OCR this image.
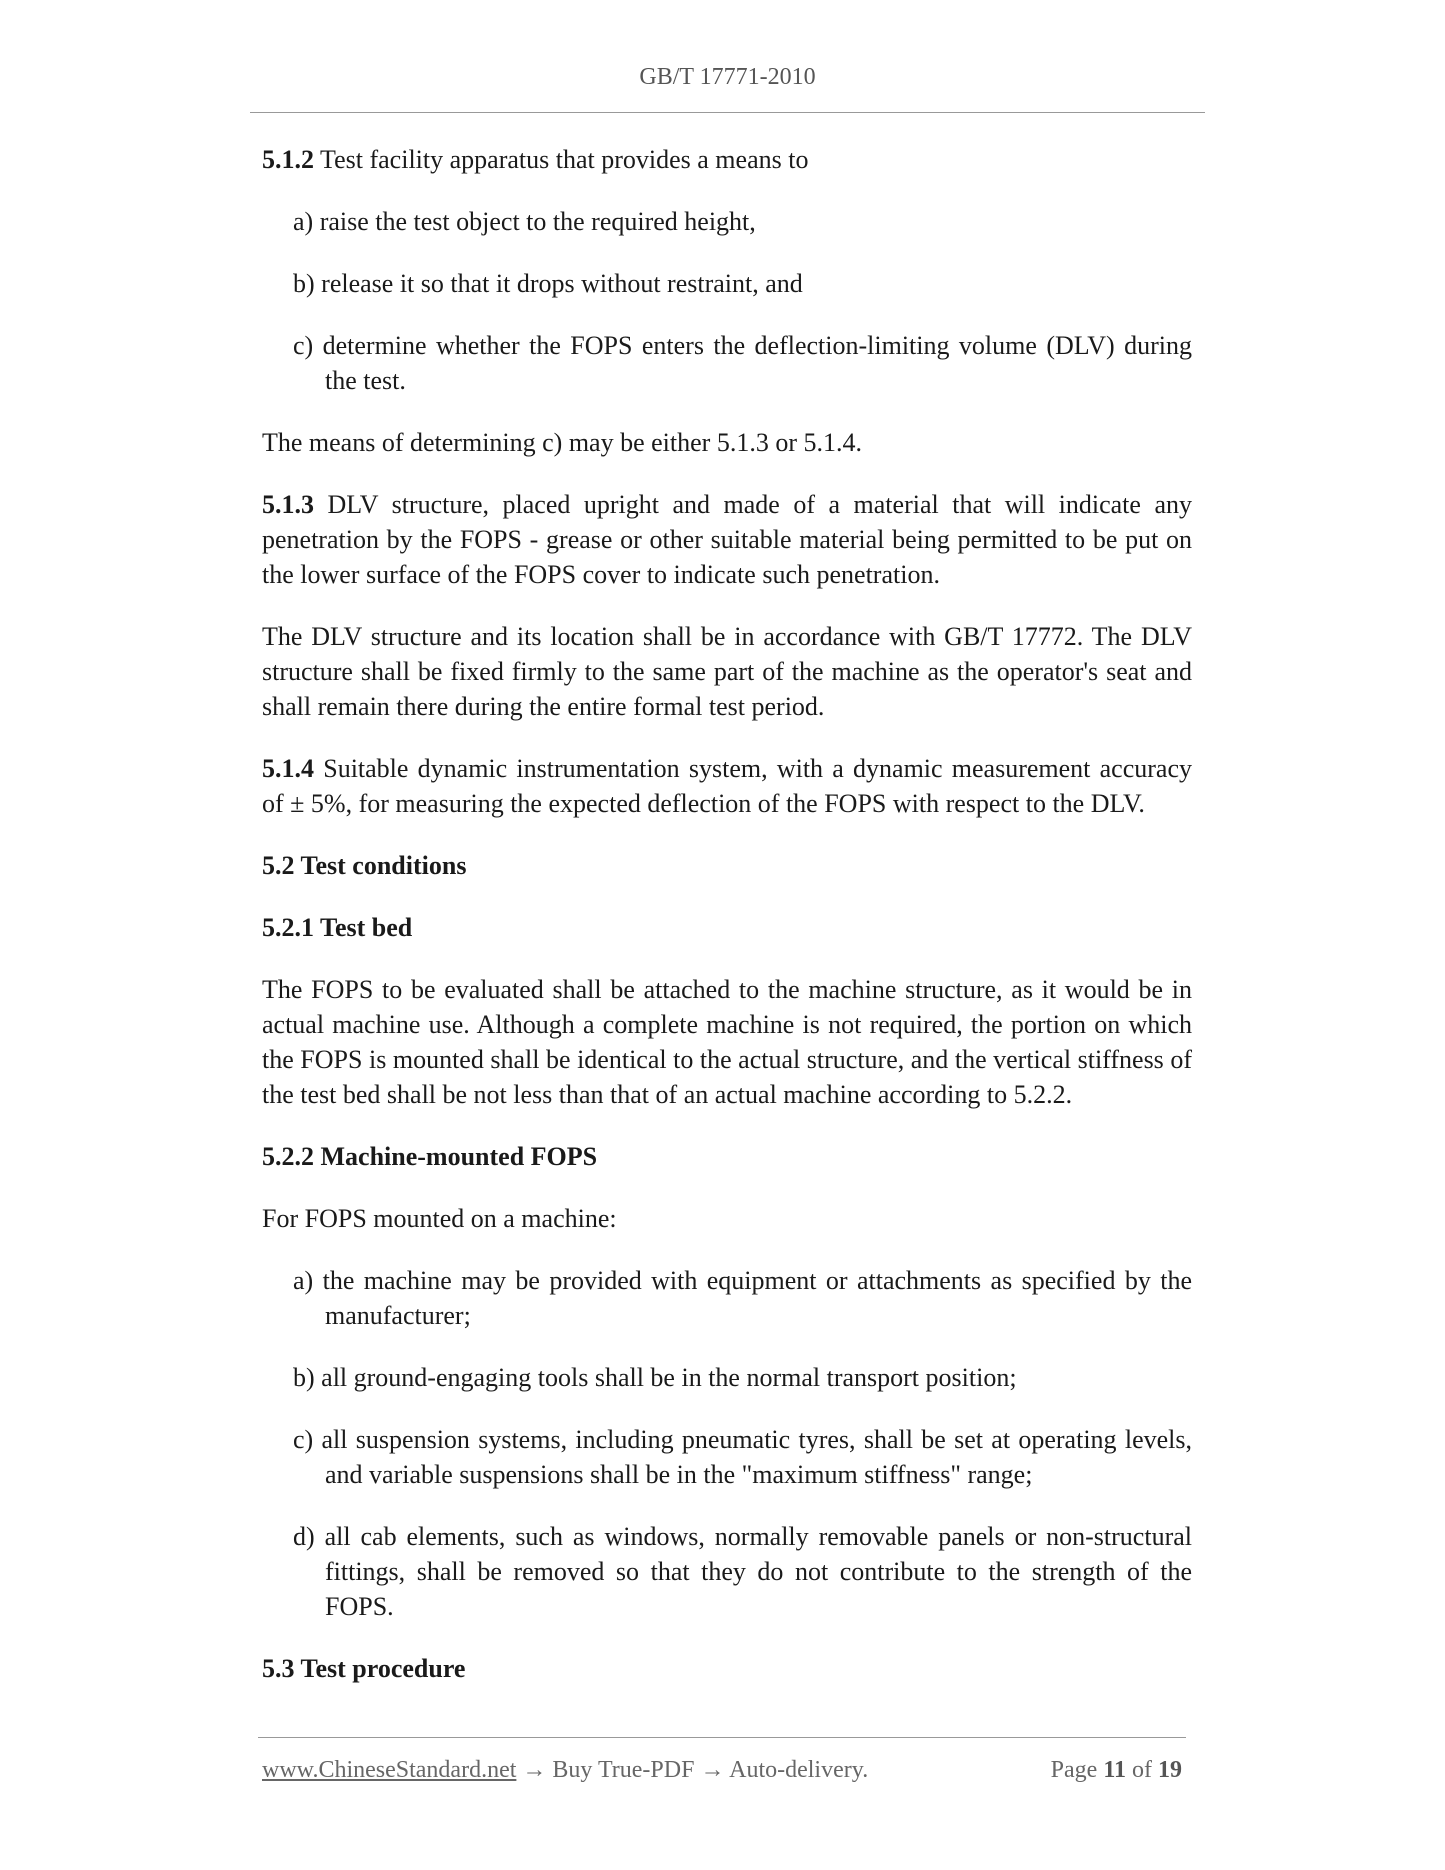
GB/T 17771-2010

5.1.2 Test facility apparatus that provides a means to

a) raise the test object to the required height,

b) release it so that it drops without restraint, and

c) determine whether the FOPS enters the deflection-limiting volume (DLV) during the test.

The means of determining c) may be either 5.1.3 or 5.1.4.

5.1.3 DLV structure, placed upright and made of a material that will indicate any penetration by the FOPS - grease or other suitable material being permitted to be put on the lower surface of the FOPS cover to indicate such penetration.

The DLV structure and its location shall be in accordance with GB/T 17772. The DLV structure shall be fixed firmly to the same part of the machine as the operator's seat and shall remain there during the entire formal test period.

5.1.4 Suitable dynamic instrumentation system, with a dynamic measurement accuracy of ± 5%, for measuring the expected deflection of the FOPS with respect to the DLV.

5.2 Test conditions

5.2.1 Test bed

The FOPS to be evaluated shall be attached to the machine structure, as it would be in actual machine use. Although a complete machine is not required, the portion on which the FOPS is mounted shall be identical to the actual structure, and the vertical stiffness of the test bed shall be not less than that of an actual machine according to 5.2.2.

5.2.2 Machine-mounted FOPS

For FOPS mounted on a machine:

a) the machine may be provided with equipment or attachments as specified by the manufacturer;

b) all ground-engaging tools shall be in the normal transport position;

c) all suspension systems, including pneumatic tyres, shall be set at operating levels, and variable suspensions shall be in the "maximum stiffness" range;

d) all cab elements, such as windows, normally removable panels or non-structural fittings, shall be removed so that they do not contribute to the strength of the FOPS.

5.3 Test procedure

www.ChineseStandard.net → Buy True-PDF → Auto-delivery.	Page 11 of 19
